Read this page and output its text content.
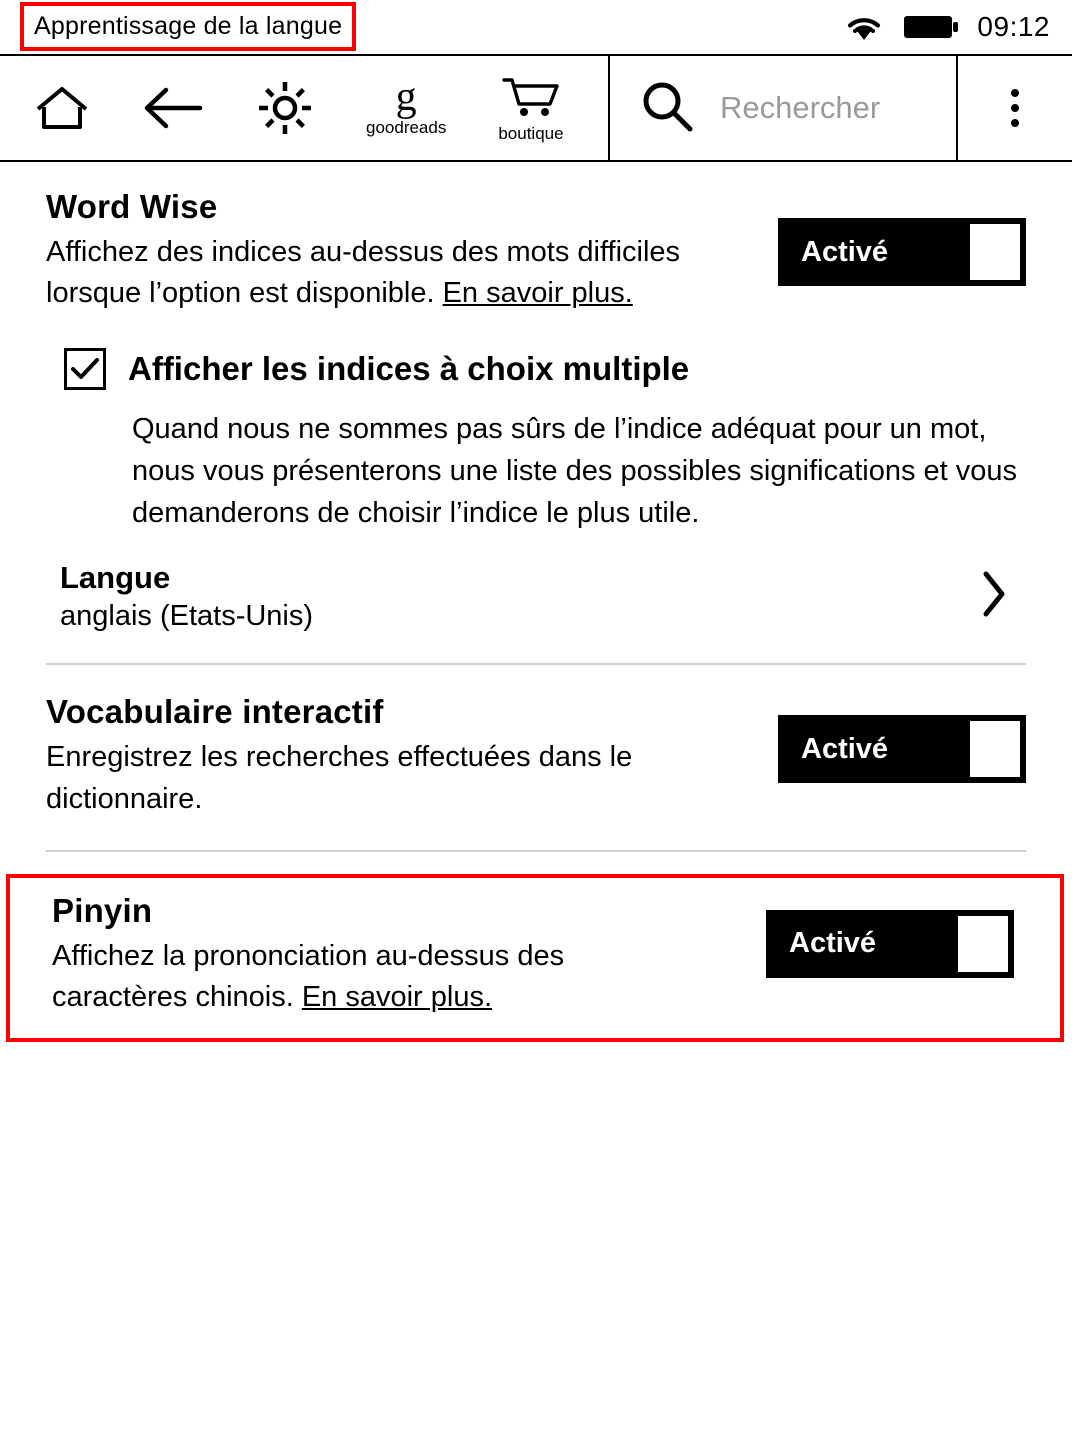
Apprentissage de la langue	09:12
g
goodreads	boutique
Rechercher
Word Wise

Affichez des indices au-dessus des mots difficiles lorsque l’option est disponible. En savoir plus.

Activé
Afficher les indices à choix multiple

Quand nous ne sommes pas sûrs de l’indice adéquat pour un mot, nous vous présenterons une liste des possibles significations et vous demanderons de choisir l’indice le plus utile.

Langue

anglais (Etats-Unis)

Vocabulaire interactif

Enregistrez les recherches effectuées dans le dictionnaire.

Activé
Pinyin

Affichez la prononciation au-dessus des caractères chinois. En savoir plus.

Activé
